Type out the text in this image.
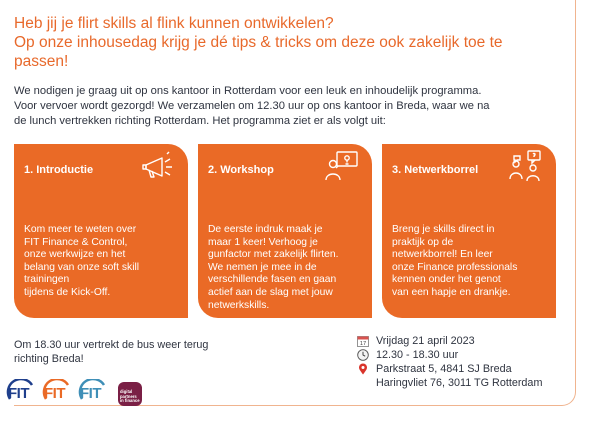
Heb jij je flirt skills al flink kunnen ontwikkelen?
Op onze inhousedag krijg je dé tips & tricks om deze ook zakelijk toe te
passen!
We nodigen je graag uit op ons kantoor in Rotterdam voor een leuk en inhoudelijk programma.
Voor vervoer wordt gezorgd! We verzamelen om 12.30 uur op ons kantoor in Breda, waar we na
de lunch vertrekken richting Rotterdam. Het programma ziet er als volgt uit:
1. Introductie
Kom meer te weten over
FIT Finance & Control,
onze werkwijze en het
belang van onze soft skill
trainingen
tijdens de Kick-Off.
2. Workshop
De eerste indruk maak je
maar 1 keer! Verhoog je
gunfactor met zakelijk flirten.
We nemen je mee in de
verschillende fasen en gaan
actief aan de slag met jouw
netwerkskills.
3. Netwerkborrel
Breng je skills direct in
praktijk op de
netwerkborrel! En leer
onze Finance professionals
kennen onder het genot
van een hapje en drankje.
Om 18.30 uur vertrekt de bus weer terug
richting Breda!
17 Vrijdag 21 april 2023
12.30 - 18.30 uur
Parkstraat 5, 4841 SJ Breda
Haringvliet 76, 3011 TG Rotterdam
FIT FIT FIT	digital
partners
in finance
